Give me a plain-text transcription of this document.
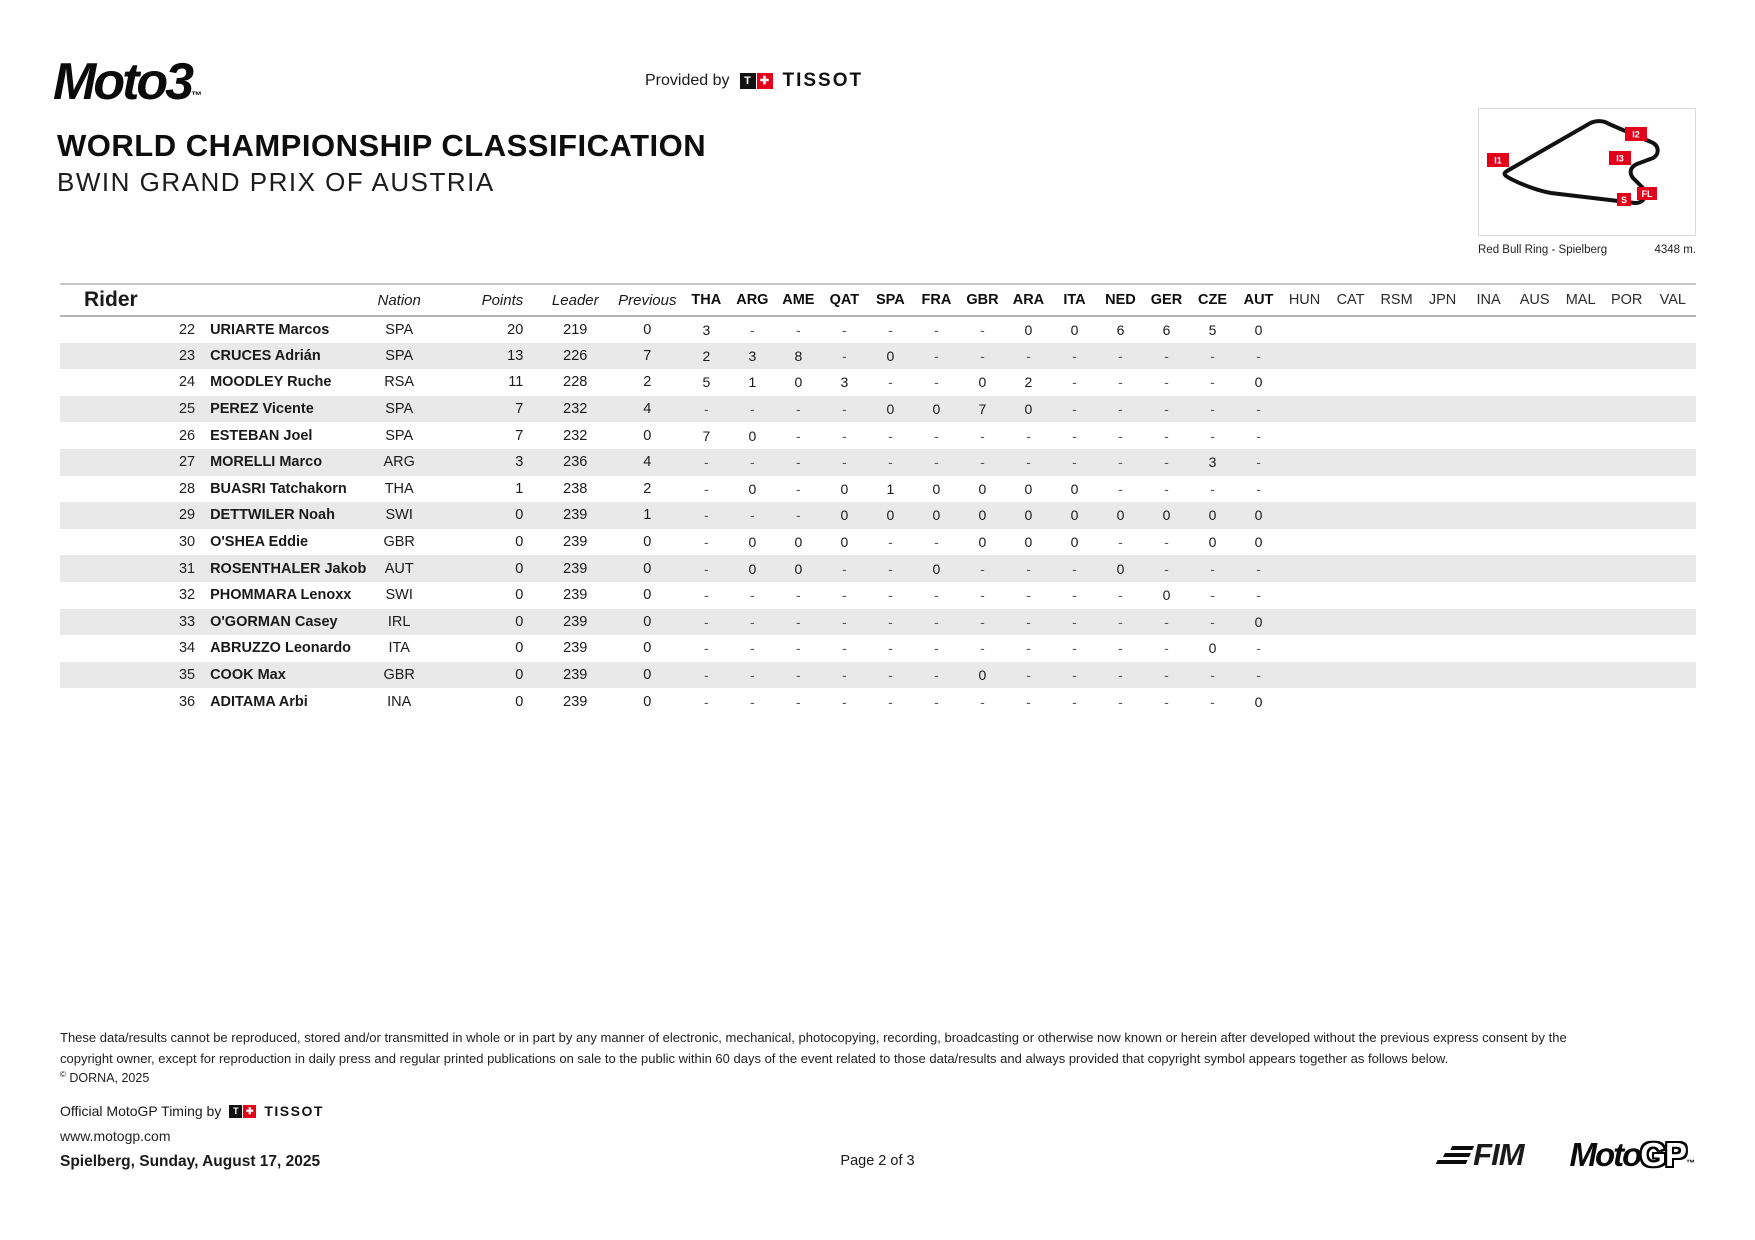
Moto3™
Provided by	T ✚ TISSOT
I1
I2
I3
S
FL
Red Bull Ring - Spielberg	4348 m.
WORLD CHAMPIONSHIP CLASSIFICATION
BWIN GRAND PRIX OF AUSTRIA
Rider		Nation	Points	Leader	Previous	THA	ARG	AME	QAT	SPA	FRA	GBR	ARA	ITA	NED	GER	CZE	AUT	HUN	CAT	RSM	JPN	INA	AUS	MAL	POR	VAL
22	URIARTE Marcos	SPA	20	219	0	3	-	-	-	-	-	-	0	0	6	6	5	0									
23	CRUCES Adrián	SPA	13	226	7	2	3	8	-	0	-	-	-	-	-	-	-	-									
24	MOODLEY Ruche	RSA	11	228	2	5	1	0	3	-	-	0	2	-	-	-	-	0									
25	PEREZ Vicente	SPA	7	232	4	-	-	-	-	0	0	7	0	-	-	-	-	-									
26	ESTEBAN Joel	SPA	7	232	0	7	0	-	-	-	-	-	-	-	-	-	-	-									
27	MORELLI Marco	ARG	3	236	4	-	-	-	-	-	-	-	-	-	-	-	3	-									
28	BUASRI Tatchakorn	THA	1	238	2	-	0	-	0	1	0	0	0	0	-	-	-	-									
29	DETTWILER Noah	SWI	0	239	1	-	-	-	0	0	0	0	0	0	0	0	0	0									
30	O'SHEA Eddie	GBR	0	239	0	-	0	0	0	-	-	0	0	0	-	-	0	0									
31	ROSENTHALER Jakob	AUT	0	239	0	-	0	0	-	-	0	-	-	-	0	-	-	-									
32	PHOMMARA Lenoxx	SWI	0	239	0	-	-	-	-	-	-	-	-	-	-	0	-	-									
33	O'GORMAN Casey	IRL	0	239	0	-	-	-	-	-	-	-	-	-	-	-	-	0									
34	ABRUZZO Leonardo	ITA	0	239	0	-	-	-	-	-	-	-	-	-	-	-	0	-									
35	COOK Max	GBR	0	239	0	-	-	-	-	-	-	0	-	-	-	-	-	-									
36	ADITAMA Arbi	INA	0	239	0	-	-	-	-	-	-	-	-	-	-	-	-	0									
These data/results cannot be reproduced, stored and/or transmitted in whole or in part by any manner of electronic, mechanical, photocopying, recording, broadcasting or otherwise now known or herein after developed without the previous express consent by the
copyright owner, except for reproduction in daily press and regular printed publications on sale to the public within 60 days of the event related to those data/results and always provided that copyright symbol appears together as follows below.
© DORNA, 2025
Official MotoGP Timing by	T ✚ TISSOT
www.motogp.com
Spielberg, Sunday, August 17, 2025	Page 2 of 3	FIM MotoGP™
